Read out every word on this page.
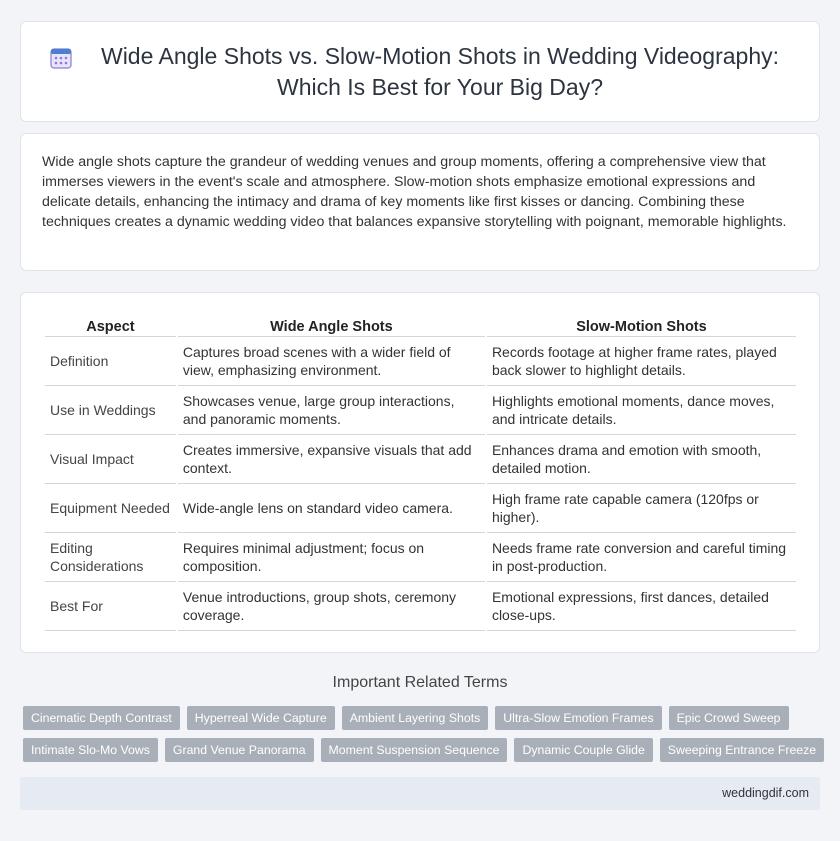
Wide Angle Shots vs. Slow-Motion Shots in Wedding Videography: Which Is Best for Your Big Day?

Wide angle shots capture the grandeur of wedding venues and group moments, offering a comprehensive view that immerses viewers in the event's scale and atmosphere. Slow-motion shots emphasize emotional expressions and delicate details, enhancing the intimacy and drama of key moments like first kisses or dancing. Combining these techniques creates a dynamic wedding video that balances expansive storytelling with poignant, memorable highlights.

Aspect	Wide Angle Shots	Slow-Motion Shots
Definition	Captures broad scenes with a wider field of view, emphasizing environment.	Records footage at higher frame rates, played back slower to highlight details.
Use in Weddings	Showcases venue, large group interactions, and panoramic moments.	Highlights emotional moments, dance moves, and intricate details.
Visual Impact	Creates immersive, expansive visuals that add context.	Enhances drama and emotion with smooth, detailed motion.
Equipment Needed	Wide-angle lens on standard video camera.	High frame rate capable camera (120fps or higher).
Editing Considerations	Requires minimal adjustment; focus on composition.	Needs frame rate conversion and careful timing in post-production.
Best For	Venue introductions, group shots, ceremony coverage.	Emotional expressions, first dances, detailed close-ups.
Important Related Terms
Cinematic Depth Contrast	Hyperreal Wide Capture	Ambient Layering Shots	Ultra-Slow Emotion Frames	Epic Crowd Sweep
Intimate Slo-Mo Vows	Grand Venue Panorama	Moment Suspension Sequence	Dynamic Couple Glide	Sweeping Entrance Freeze
weddingdif.com
